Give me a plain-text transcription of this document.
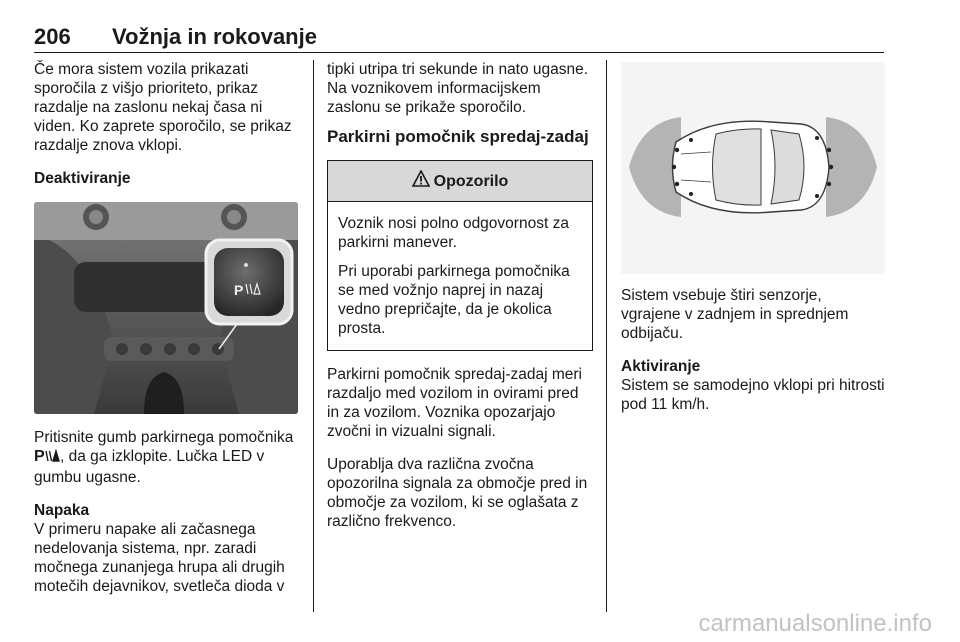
206 Vožnja in rokovanje

Če mora sistem vozila prikazati sporočila z višjo prioriteto, prikaz razdalje na zaslonu nekaj časa ni viden. Ko zaprete sporočilo, se prikaz razdalje znova vklopi.

Deaktiviranje

P

Pritisnite gumb parkirnega pomočnika

P , da ga izklopite. Lučka LED v gumbu ugasne.

Napaka

V primeru napake ali začasnega nedelovanja sistema, npr. zaradi močnega zunanjega hrupa ali drugih motečih dejavnikov, svetleča dioda v

tipki utripa tri sekunde in nato ugasne. Na voznikovem informacijskem zaslonu se prikaže sporočilo.

Parkirni pomočnik spredaj-zadaj
Opozorilo

Voznik nosi polno odgovornost za parkirni manever.

Pri uporabi parkirnega pomočnika se med vožnjo naprej in nazaj vedno prepričajte, da je okolica prosta.

Parkirni pomočnik spredaj-zadaj meri razdaljo med vozilom in ovirami pred in za vozilom. Voznika opozarjajo zvočni in vizualni signali.

Uporablja dva različna zvočna opozorilna signala za območje pred in območje za vozilom, ki se oglašata z različno frekvenco.

Sistem vsebuje štiri senzorje, vgrajene v zadnjem in sprednjem odbijaču.

Aktiviranje

Sistem se samodejno vklopi pri hitrosti pod 11 km/h.

carmanualsonline.info
